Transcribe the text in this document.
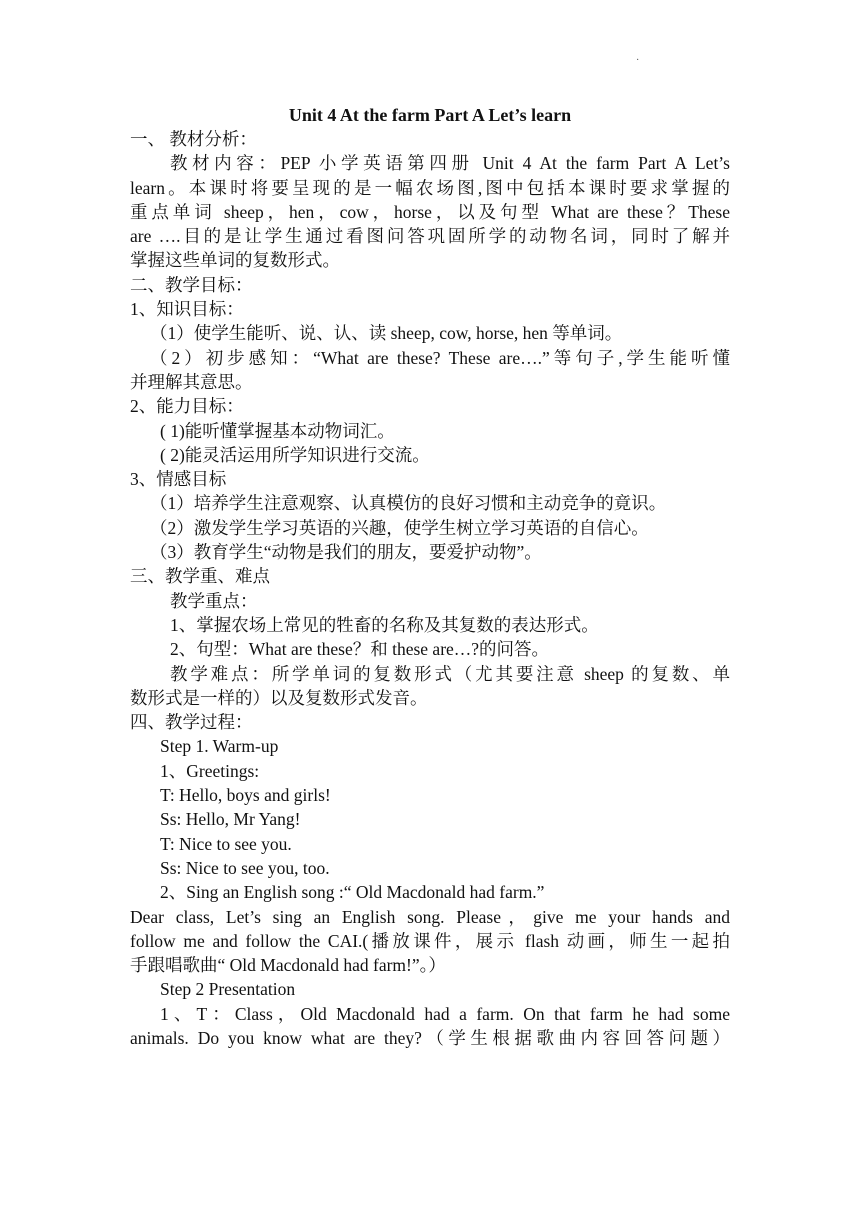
·
Unit 4 At the farm Part A Let’s learn
一、 教材分析：
教材内容：PEP 小学英语第四册 Unit 4 At the farm Part A Let’s
learn。本课时将要呈现的是一幅农场图,图中包括本课时要求掌握的
重点单词 sheep，hen，cow，horse，以及句型 What are these？These
are ….目的是让学生通过看图问答巩固所学的动物名词，同时了解并
掌握这些单词的复数形式。
二、教学目标：
1、知识目标：
（1）使学生能听、说、认、读 sheep, cow, horse, hen 等单词。
（2）初步感知：“What are these? These are….”等句子,学生能听懂
并理解其意思。
2、能力目标：
( 1)能听懂掌握基本动物词汇。
( 2)能灵活运用所学知识进行交流。
3、情感目标
（1）培养学生注意观察、认真模仿的良好习惯和主动竞争的竟识。
（2）激发学生学习英语的兴趣，使学生树立学习英语的自信心。
（3）教育学生“动物是我们的朋友，要爱护动物”。
三、教学重、难点
教学重点：
1、掌握农场上常见的牲畜的名称及其复数的表达形式。
2、句型：What are these？和 these are…?的问答。
教学难点：所学单词的复数形式（尤其要注意 sheep 的复数、单
数形式是一样的）以及复数形式发音。
四、教学过程：
Step 1. Warm-up
1、Greetings:
T: Hello, boys and girls!
Ss: Hello, Mr Yang!
T: Nice to see you.
Ss: Nice to see you, too.
2、Sing an English song :“ Old Macdonald had farm.”
Dear class, Let’s sing an English song. Please，give me your hands and
follow me and follow the CAI.(播放课件，展示 flash 动画，师生一起拍
手跟唱歌曲“ Old Macdonald had farm!”。）
Step 2 Presentation
1、T：Class，Old Macdonald had a farm. On that farm he had some
animals. Do you know what are they?（学生根据歌曲内容回答问题）
